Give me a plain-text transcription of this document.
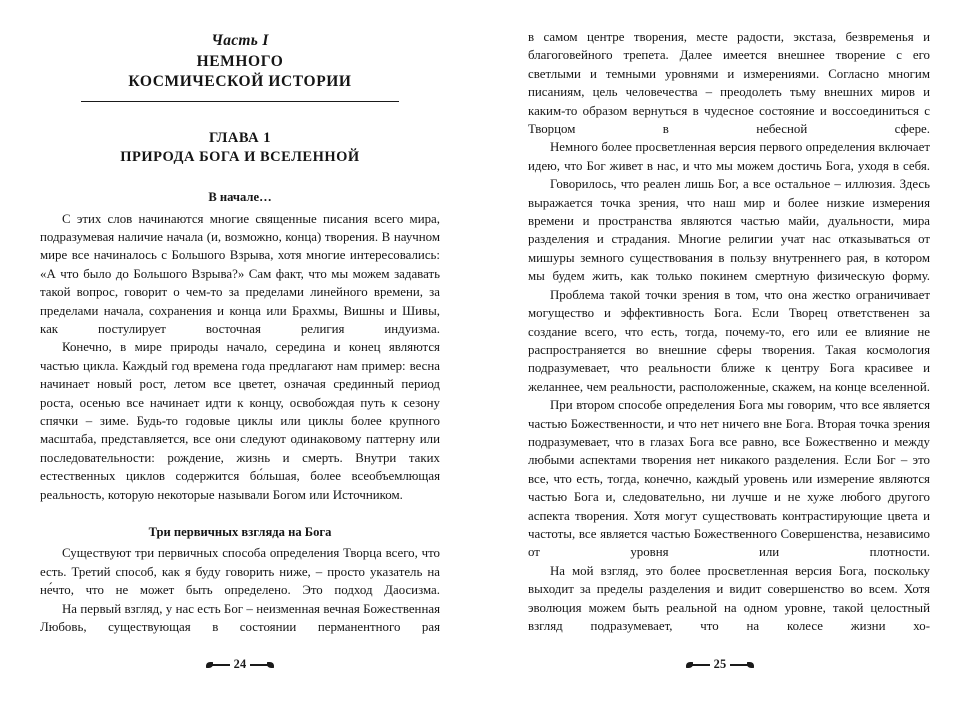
Часть I
НЕМНОГО
КОСМИЧЕСКОЙ ИСТОРИИ
ГЛАВА 1
ПРИРОДА БОГА И ВСЕЛЕННОЙ
В начале…

С этих слов начинаются многие священные писания всего мира, подразумевая наличие начала (и, возможно, конца) творения. В научном мире все начиналось с Большого Взрыва, хотя многие интересовались: «А что было до Большого Взрыва?» Сам факт, что мы можем задавать такой вопрос, говорит о чем-то за пределами линейного времени, за пределами начала, сохранения и конца или Брахмы, Вишны и Шивы, как постулирует восточная религия индуизма.

Конечно, в мире природы начало, середина и конец являются частью цикла. Каждый год времена года предлагают нам пример: весна начинает новый рост, летом все цветет, означая срединный период роста, осенью все начинает идти к концу, освобождая путь к сезону спячки – зиме. Будь-то годовые циклы или циклы более крупного масштаба, представляется, все они следуют одинаковому паттерну или последовательности: рождение, жизнь и смерть. Внутри таких естественных циклов содержится бо́льшая, более всеобъемлющая реальность, которую некоторые называли Богом или Источником.

Три первичных взгляда на Бога

Существуют три первичных способа определения Творца всего, что есть. Третий способ, как я буду говорить ниже, – просто указатель на не́что, что не может быть определено. Это подход Даосизма.

На первый взгляд, у нас есть Бог – неизменная вечная Божественная Любовь, существующая в состоянии перманентного рая

24

в самом центре творения, месте радости, экстаза, безвременья и благоговейного трепета. Далее имеется внешнее творение с его светлыми и темными уровнями и измерениями. Согласно многим писаниям, цель человечества – преодолеть тьму внешних миров и каким-то образом вернуться в чудесное состояние и воссоединиться с Творцом в небесной сфере.

Немного более просветленная версия первого определения включает идею, что Бог живет в нас, и что мы можем достичь Бога, уходя в себя.

Говорилось, что реален лишь Бог, а все остальное – иллюзия. Здесь выражается точка зрения, что наш мир и более низкие измерения времени и пространства являются частью майи, дуальности, мира разделения и страдания. Многие религии учат нас отказываться от мишуры земного существования в пользу внутреннего рая, в котором мы будем жить, как только покинем смертную физическую форму.

Проблема такой точки зрения в том, что она жестко ограничивает могущество и эффективность Бога. Если Творец ответственен за создание всего, что есть, тогда, почему-то, его или ее влияние не распространяется во внешние сферы творения. Такая космология подразумевает, что реальности ближе к центру Бога красивее и желаннее, чем реальности, расположенные, скажем, на конце вселенной.

При втором способе определения Бога мы говорим, что все является частью Божественности, и что нет ничего вне Бога. Вторая точка зрения подразумевает, что в глазах Бога все равно, все Божественно и между любыми аспектами творения нет никакого разделения. Если Бог – это все, что есть, тогда, конечно, каждый уровень или измерение являются частью Бога и, следовательно, ни лучше и не хуже любого другого аспекта творения. Хотя могут существовать контрастирующие цвета и частоты, все является частью Божественного Совершенства, независимо от уровня или плотности.

На мой взгляд, это более просветленная версия Бога, поскольку выходит за пределы разделения и видит совершенство во всем. Хотя эволюция можем быть реальной на одном уровне, такой целостный взгляд подразумевает, что на колесе жизни хо-

25
